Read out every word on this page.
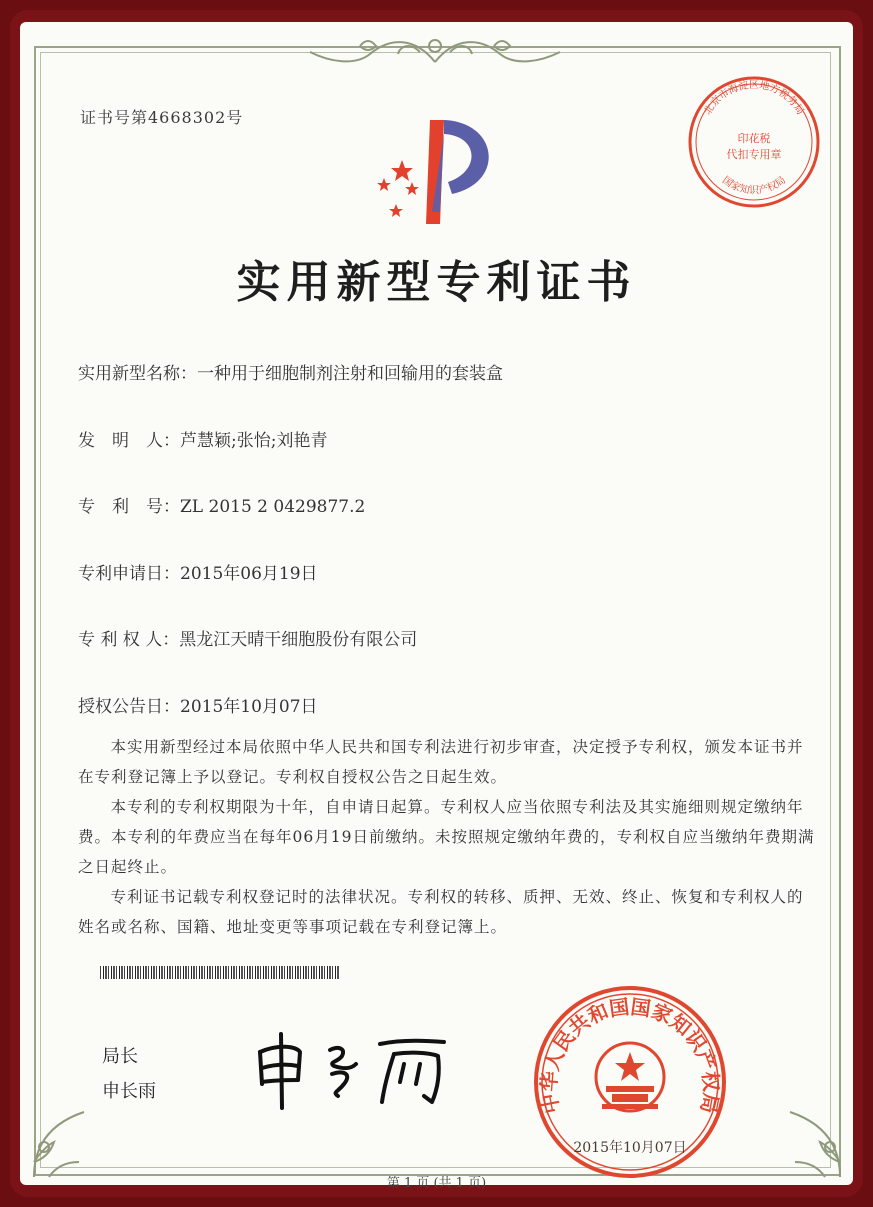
证书号第4668302号	北京市海淀区地方税务局
印花税
代扣专用章
国家知识产权局
实用新型专利证书
实用新型名称：一种用于细胞制剂注射和回输用的套装盒
发　明　人：芦慧颖;张怡;刘艳青
专　利　号：ZL 2015 2 0429877.2
专利申请日：2015年06月19日
专 利 权 人：黑龙江天晴干细胞股份有限公司
授权公告日：2015年10月07日
本实用新型经过本局依照中华人民共和国专利法进行初步审查，决定授予专利权，颁发本证书并在专利登记簿上予以登记。专利权自授权公告之日起生效。
本专利的专利权期限为十年，自申请日起算。专利权人应当依照专利法及其实施细则规定缴纳年费。本专利的年费应当在每年06月19日前缴纳。未按照规定缴纳年费的，专利权自应当缴纳年费期满之日起终止。
专利证书记载专利权登记时的法律状况。专利权的转移、质押、无效、终止、恢复和专利权人的姓名或名称、国籍、地址变更等事项记载在专利登记簿上。
局长
申长雨	中华人民共和国国家知识产权局
2015年10月07日
第 1 页 (共 1 页)
